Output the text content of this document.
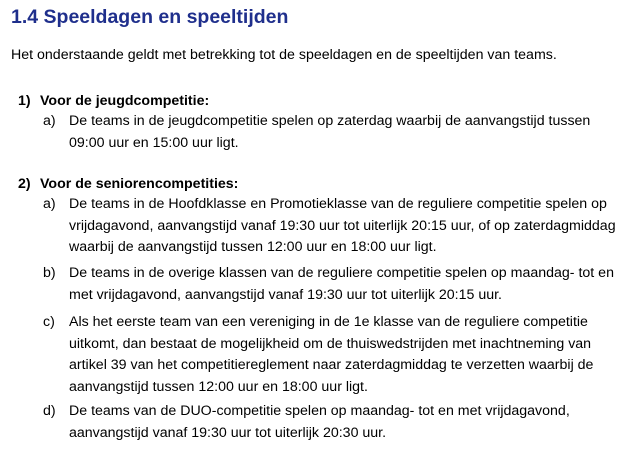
1.4 Speeldagen en speeltijden
Het onderstaande geldt met betrekking tot de speeldagen en de speeltijden van teams.
1) Voor de jeugdcompetitie:
a) De teams in de jeugdcompetitie spelen op zaterdag waarbij de aanvangstijd tussen
09:00 uur en 15:00 uur ligt.
2) Voor de seniorencompetities:
a) De teams in de Hoofdklasse en Promotieklasse van de reguliere competitie spelen op
vrijdagavond, aanvangstijd vanaf 19:30 uur tot uiterlijk 20:15 uur, of op zaterdagmiddag
waarbij de aanvangstijd tussen 12:00 uur en 18:00 uur ligt.
b) De teams in de overige klassen van de reguliere competitie spelen op maandag- tot en
met vrijdagavond, aanvangstijd vanaf 19:30 uur tot uiterlijk 20:15 uur.
c) Als het eerste team van een vereniging in de 1e klasse van de reguliere competitie
uitkomt, dan bestaat de mogelijkheid om de thuiswedstrijden met inachtneming van
artikel 39 van het competitiereglement naar zaterdagmiddag te verzetten waarbij de
aanvangstijd tussen 12:00 uur en 18:00 uur ligt.
d) De teams van de DUO-competitie spelen op maandag- tot en met vrijdagavond,
aanvangstijd vanaf 19:30 uur tot uiterlijk 20:30 uur.
